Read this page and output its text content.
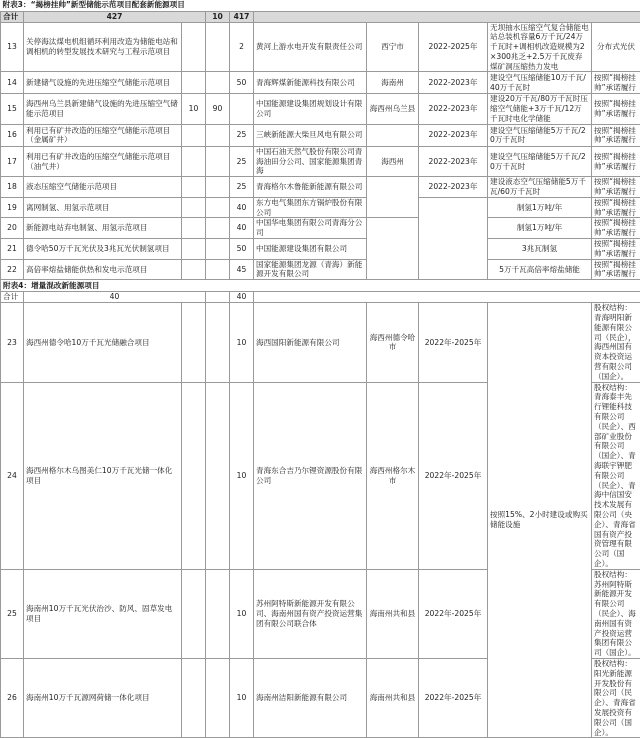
附表3：“揭榜挂帅”新型储能示范项目配套新能源项目									
合计	427		10	417					
13	关停海汰煤电机组循环利用改造为储能电站和调相机的转型发展技术研究与工程示范项目			2	黄河上游水电开发有限责任公司	西宁市	2022-2025年	无坝抽水压缩空气复合储能电站总装机容量6万千瓦/24万千瓦时+调相机改造规模为2×300兆乏+2.5万千瓦废弃煤矿洞压缩热力发电	分布式光伏
14	新建储气设施的先进压缩空气储能示范项目			50	青海辉煤新能源科技有限公司	海南州	2022-2023年	建设空气压缩储能10万千瓦/40万千瓦时	按照“揭榜挂帅”承诺履行
15	海西州乌兰县新建储气设施的先进压缩空气储能示范项目	10	90		中国能源建设集团规划设计有限公司	海西州乌兰县	2022-2023年	建设20万千瓦/80万千瓦时压缩空气储能+3万千瓦/12万千瓦时电化学储能	按照“揭榜挂帅”承诺履行
16	利用已有矿井改造的压缩空气储能示范项目（金属矿井）			25	三峡新能源大柴旦风电有限公司		2022-2023年	建设空气压缩储能5万千瓦/20万千瓦时	按照“揭榜挂帅”承诺履行
17	利用已有矿井改造的压缩空气储能示范项目（油气井）			25	中国石油天然气股份有限公司青海油田分公司、国家能源集团青海	海西州	2022-2023年	建设空气压缩储能5万千瓦/20万千瓦时	按照“揭榜挂帅”承诺履行
18	液态压缩空气储能示范项目			25	青海格尔木鲁能新能源有限公司		2022-2023年	建设液态空气压缩储能5万千瓦/60万千瓦时	按照“揭榜挂帅”承诺履行
19	离网制氢、用氢示范项目			40	东方电气集团东方锅炉股份有限公司			制氢1万吨/年	按照“揭榜挂帅”承诺履行
20	新能源电站弃电制氢、用氢示范项目			40	中国华电集团有限公司青海分公司			制氢1万吨/年	按照“揭榜挂帅”承诺履行
21	德令哈50万千瓦光伏及3兆瓦光伏制氢项目			50	中国能源建设集团有限公司			3兆瓦制氢	按照“揭榜挂帅”承诺履行
22	高倍率熔盐储能供热和发电示范项目			45	国家能源集团龙源（青海）新能源开发有限公司			5万千瓦高倍率熔盐储能	按照“揭榜挂帅”承诺履行
附表4：增量混改新能源项目									
合计	40			40					
23	海西州德令哈10万千瓦光储融合项目			10	海西国阳新能源有限公司	海西州德令哈市	2022年-2025年	按照15%、2小时建设或购买储能设施	股权结构：青海明阳新能源有限公司（民企），海西州国有资本投资运营有限公司（国企）。
24	海西州格尔木乌图美仁10万千瓦光储一体化项目			10	青海东合吉乃尔锂资源股份有限公司	海西州格尔木市	2022年-2025年		股权结构：青海泰丰先行锂能科技有限公司（民企）、西部矿业股份有限公司（国企）、青海联宇钾肥有限公司（民企）、青海中信国安技术发展有限公司（央企）、青海省国有资产投资管理有限公司（国企）。
25	海南州10万千瓦光伏治沙、防风、固草发电项目			10	苏州阿特斯新能源开发有限公司、海南州国有资产投资运营集团有限公司联合体	海南州共和县	2022年-2025年		股权结构：苏州阿特斯新能源开发有限公司（民企）、海南州国有资产投资运营集团有限公司（国企）。
26	海南州10万千瓦源网荷储一体化项目			10	海南州洁阳新能源有限公司	海南州共和县	2022年-2025年		股权结构：阳光新能源开发股份有限公司（民企）、青海省发展投资有限公司（国企）。
